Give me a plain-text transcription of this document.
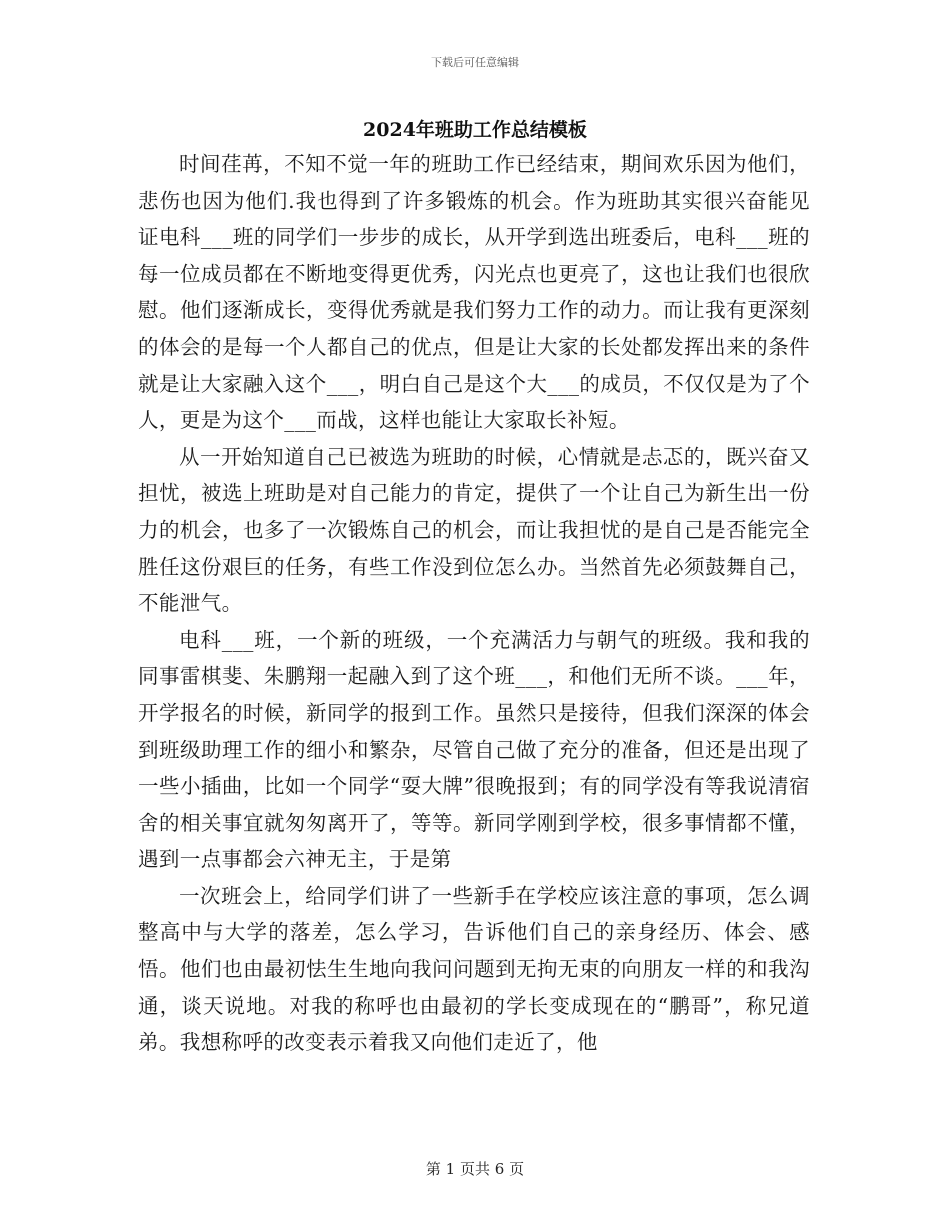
下载后可任意编辑
2024年班助工作总结模板

时间荏苒，不知不觉一年的班助工作已经结束，期间欢乐因为他们，悲伤也因为他们.我也得到了许多锻炼的机会。作为班助其实很兴奋能见证电科___班的同学们一步步的成长，从开学到选出班委后，电科___班的每一位成员都在不断地变得更优秀，闪光点也更亮了，这也让我们也很欣慰。他们逐渐成长，变得优秀就是我们努力工作的动力。而让我有更深刻的体会的是每一个人都自己的优点，但是让大家的长处都发挥出来的条件就是让大家融入这个___，明白自己是这个大___的成员，不仅仅是为了个人，更是为这个___而战，这样也能让大家取长补短。

从一开始知道自己已被选为班助的时候，心情就是忐忑的，既兴奋又担忧，被选上班助是对自己能力的肯定，提供了一个让自己为新生出一份力的机会，也多了一次锻炼自己的机会，而让我担忧的是自己是否能完全胜任这份艰巨的任务，有些工作没到位怎么办。当然首先必须鼓舞自己，不能泄气。

电科___班，一个新的班级，一个充满活力与朝气的班级。我和我的同事雷棋斐、朱鹏翔一起融入到了这个班___，和他们无所不谈。___年，开学报名的时候，新同学的报到工作。虽然只是接待，但我们深深的体会到班级助理工作的细小和繁杂，尽管自己做了充分的准备，但还是出现了一些小插曲，比如一个同学“耍大牌”很晚报到；有的同学没有等我说清宿舍的相关事宜就匆匆离开了，等等。新同学刚到学校，很多事情都不懂，遇到一点事都会六神无主，于是第

一次班会上，给同学们讲了一些新手在学校应该注意的事项，怎么调整高中与大学的落差，怎么学习，告诉他们自己的亲身经历、体会、感悟。他们也由最初怯生生地向我问问题到无拘无束的向朋友一样的和我沟通，谈天说地。对我的称呼也由最初的学长变成现在的“鹏哥”，称兄道弟。我想称呼的改变表示着我又向他们走近了，他

第 1 页共 6 页
